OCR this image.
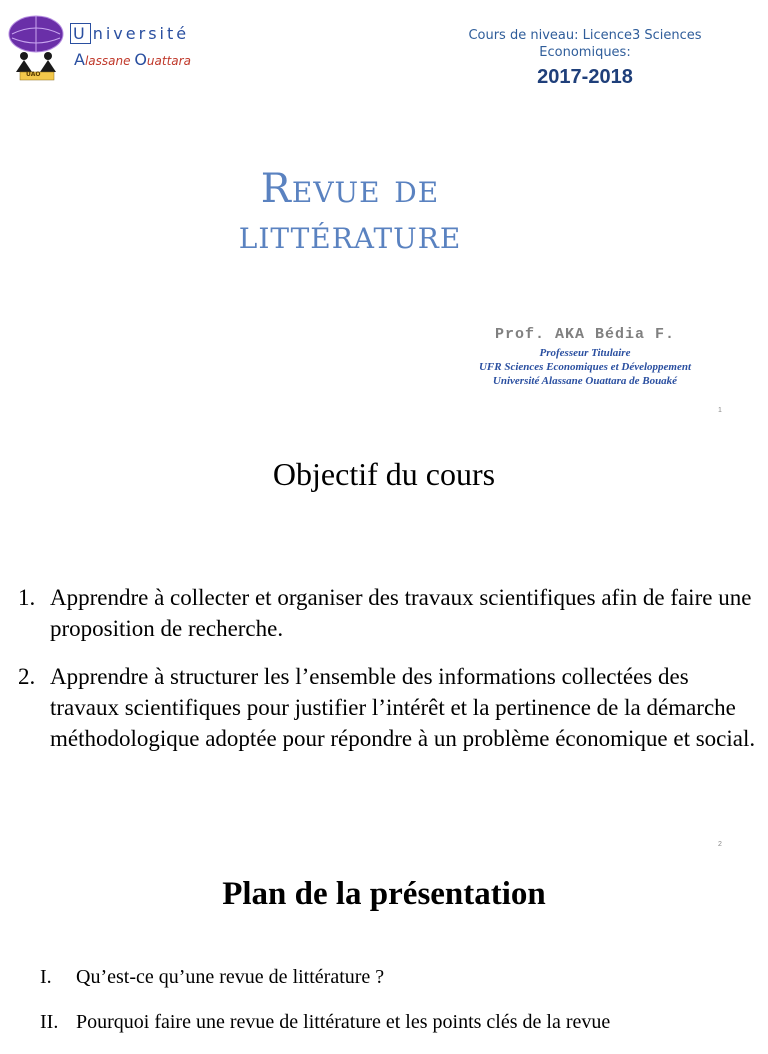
UAO
U niversité
Alassane Ouattara
Cours de niveau: Licence3 Sciences Economiques:
2017-2018
Revue de
littérature
Prof. AKA Bédia F.
Professeur Titulaire
UFR Sciences Economiques et Développement
Université Alassane Ouattara de Bouaké
1
Objectif du cours
1. Apprendre à collecter et organiser des travaux scientifiques afin de faire une proposition de recherche.
2. Apprendre à structurer les l’ensemble des informations collectées des travaux scientifiques pour justifier l’intérêt et la pertinence de la démarche méthodologique adoptée pour répondre à un problème économique et social.
2
Plan de la présentation
I. Qu’est-ce qu’une revue de littérature ?
II. Pourquoi faire une revue de littérature et les points clés de la revue
